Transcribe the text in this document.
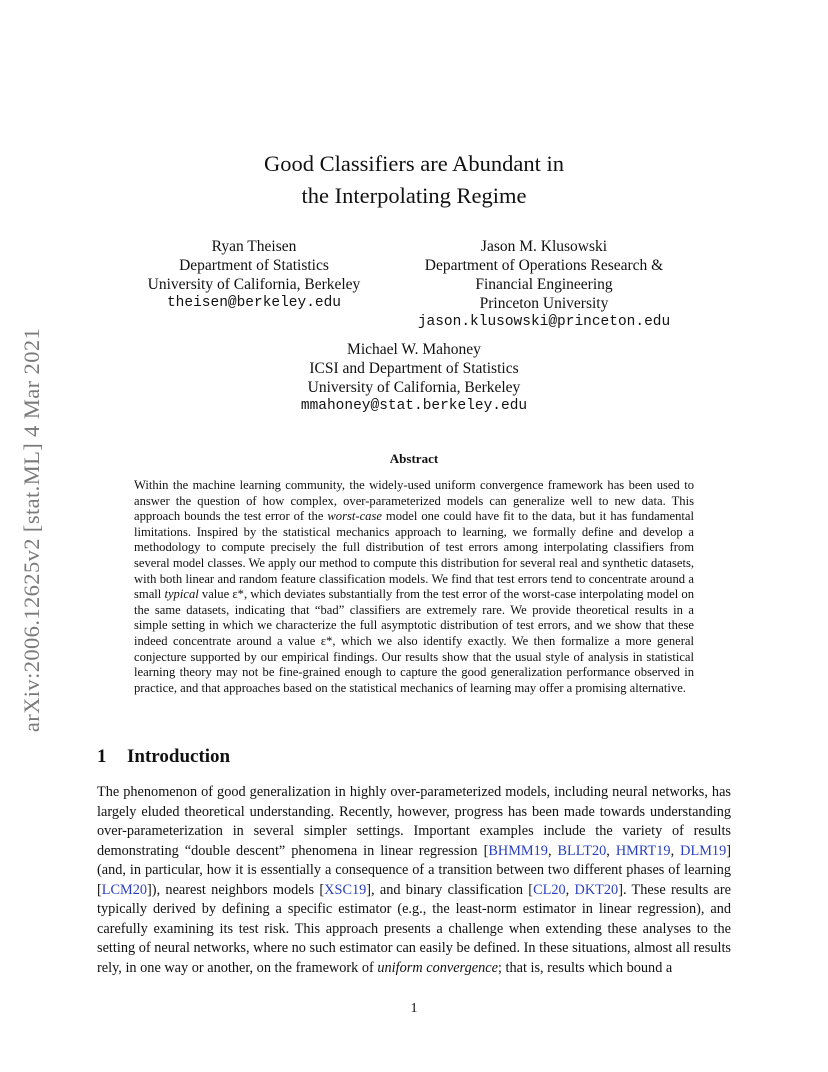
arXiv:2006.12625v2 [stat.ML] 4 Mar 2021
Good Classifiers are Abundant in
the Interpolating Regime
Ryan Theisen
Department of Statistics
University of California, Berkeley
theisen@berkeley.edu
Jason M. Klusowski
Department of Operations Research &
Financial Engineering
Princeton University
jason.klusowski@princeton.edu
Michael W. Mahoney
ICSI and Department of Statistics
University of California, Berkeley
mmahoney@stat.berkeley.edu
Abstract

Within the machine learning community, the widely-used uniform convergence framework has been used to answer the question of how complex, over-parameterized models can generalize well to new data. This approach bounds the test error of the worst-case model one could have fit to the data, but it has fundamental limitations. Inspired by the statistical mechanics approach to learning, we formally define and develop a methodology to compute precisely the full distribution of test errors among interpolating classifiers from several model classes. We apply our method to compute this distribution for several real and synthetic datasets, with both linear and random feature classification models. We find that test errors tend to concentrate around a small typical value ε*, which deviates substantially from the test error of the worst-case interpolating model on the same datasets, indicating that “bad” classifiers are extremely rare. We provide theoretical results in a simple setting in which we characterize the full asymptotic distribution of test errors, and we show that these indeed concentrate around a value ε*, which we also identify exactly. We then formalize a more general conjecture supported by our empirical findings. Our results show that the usual style of analysis in statistical learning theory may not be fine-grained enough to capture the good generalization performance observed in practice, and that approaches based on the statistical mechanics of learning may offer a promising alternative.

1 Introduction

The phenomenon of good generalization in highly over-parameterized models, including neural networks, has largely eluded theoretical understanding. Recently, however, progress has been made towards understanding over-parameterization in several simpler settings. Important examples include the variety of results demonstrating “double descent” phenomena in linear regression [BHMM19, BLLT20, HMRT19, DLM19] (and, in particular, how it is essentially a consequence of a transition between two different phases of learning [LCM20]), nearest neighbors models [XSC19], and binary classification [CL20, DKT20]. These results are typically derived by defining a specific estimator (e.g., the least-norm estimator in linear regression), and carefully examining its test risk. This approach presents a challenge when extending these analyses to the setting of neural networks, where no such estimator can easily be defined. In these situations, almost all results rely, in one way or another, on the framework of uniform convergence; that is, results which bound a

1
